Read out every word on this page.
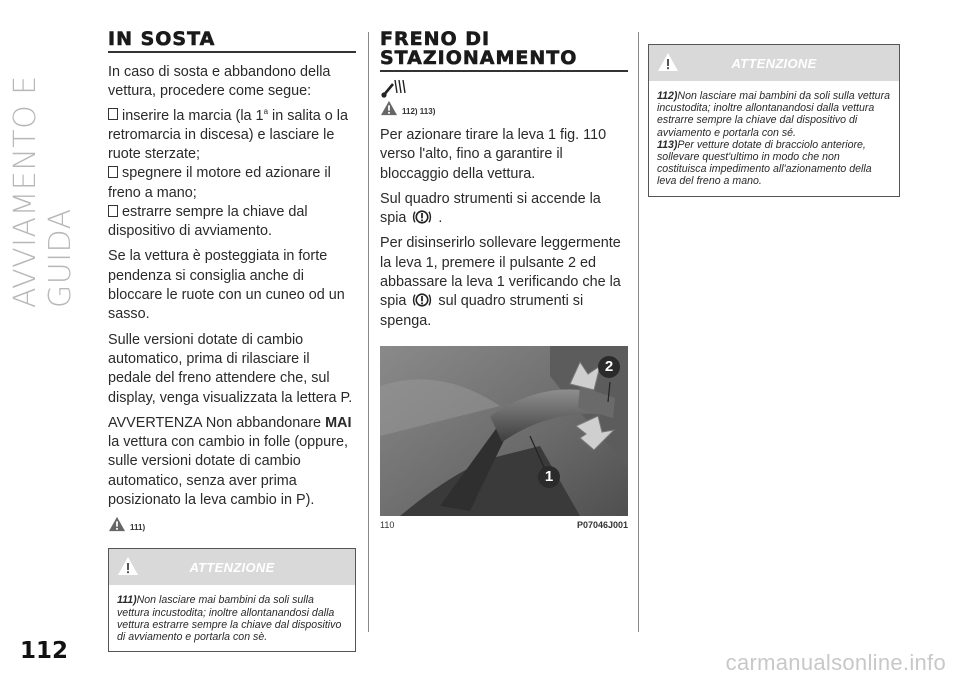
AVVIAMENTO E GUIDA
112	carmanualsonline.info
IN SOSTA

In caso di sosta e abbandono della vettura, procedere come segue:

inserire la marcia (la 1$^a$ in salita o la retromarcia in discesa) e lasciare le ruote sterzate;

spegnere il motore ed azionare il freno a mano;

estrarre sempre la chiave dal dispositivo di avviamento.

Se la vettura è posteggiata in forte pendenza si consiglia anche di bloccare le ruote con un cuneo od un sasso.

Sulle versioni dotate di cambio automatico, prima di rilasciare il pedale del freno attendere che, sul display, venga visualizzata la lettera P.

AVVERTENZA Non abbandonare MAI la vettura con cambio in folle (oppure, sulle versioni dotate di cambio automatico, senza aver prima posizionato la leva cambio in P).

111)
ATTENZIONE
111)Non lasciare mai bambini da soli sulla vettura incustodita; inoltre allontanandosi dalla vettura estrarre sempre la chiave dal dispositivo di avviamento e portarla con sè.
FRENO DI STAZIONAMENTO
112) 113)

Per azionare tirare la leva 1 fig. 110 verso l'alto, fino a garantire il bloccaggio della vettura.

Sul quadro strumenti si accende la spia .

Per disinserirlo sollevare leggermente la leva 1, premere il pulsante 2 ed abbassare la leva 1 verificando che la spia sul quadro strumenti si spenga.

1
2
110	P07046J001
ATTENZIONE
112)Non lasciare mai bambini da soli sulla vettura incustodita; inoltre allontanandosi dalla vettura estrarre sempre la chiave dal dispositivo di avviamento e portarla con sé.
113)Per vetture dotate di bracciolo anteriore, sollevare quest'ultimo in modo che non costituisca impedimento all'azionamento della leva del freno a mano.
